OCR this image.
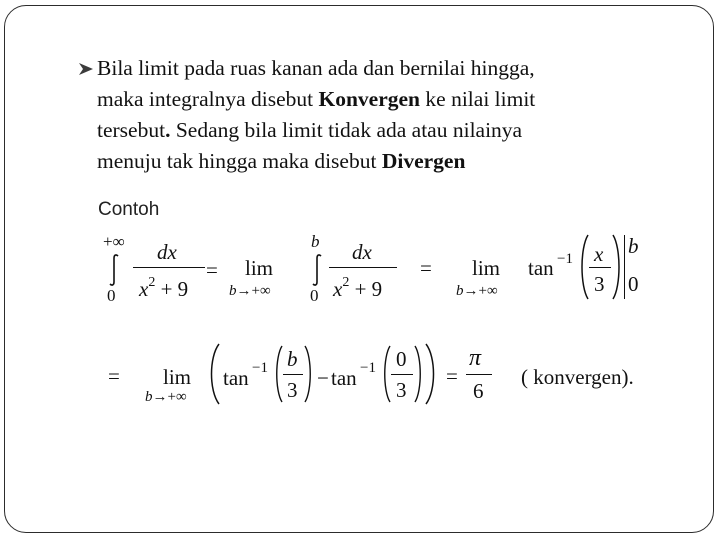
Bila limit pada ruas kanan ada dan bernilai hingga,
maka integralnya disebut Konvergen ke nilai limit
tersebut. Sedang bila limit tidak ada atau nilainya
menuju tak hingga maka disebut Divergen
Contoh
+∞
0
dx
$x^2 + 9$
= lim
b→+∞
b
0
dx
$x^2 + 9$
= lim
b→+∞
tan −1 x
3
b
0
= lim
b→+∞
tan −1 b
3 − tan −1 0
3
=
π
6
( konvergen).
